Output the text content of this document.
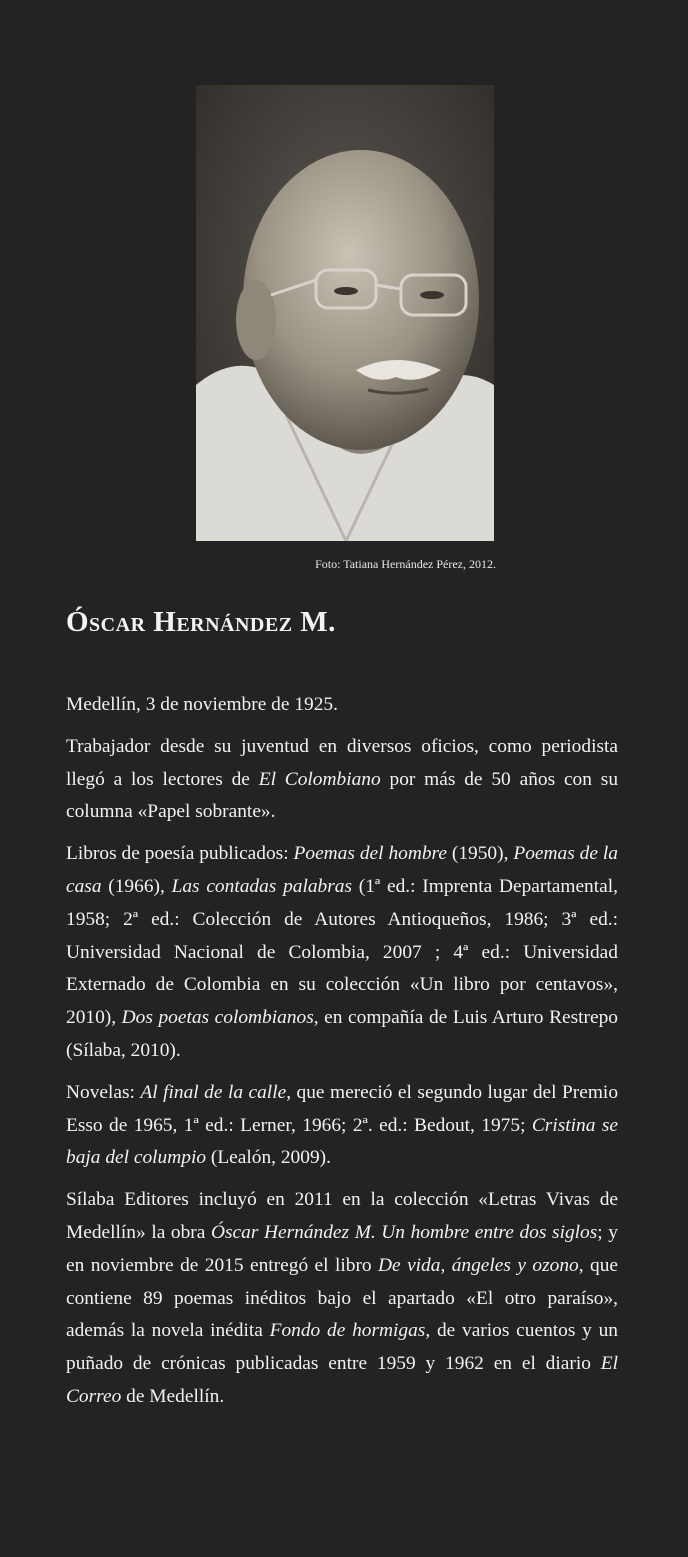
Foto: Tatiana Hernández Pérez, 2012.
Óscar Hernández M.

Medellín, 3 de noviembre de 1925.

Trabajador desde su juventud en diversos oficios, como periodista llegó a los lectores de El Colombiano por más de 50 años con su columna «Papel sobrante».

Libros de poesía publicados: Poemas del hombre (1950), Poemas de la casa (1966), Las contadas palabras (1ª ed.: Imprenta Departamental, 1958; 2ª ed.: Colección de Autores Antioqueños, 1986; 3ª ed.: Universidad Nacional de Colombia, 2007 ; 4ª ed.: Universidad Externado de Colombia en su colección «Un libro por centavos», 2010), Dos poetas colombianos, en compañía de Luis Arturo Restrepo (Sílaba, 2010).

Novelas: Al final de la calle, que mereció el segundo lugar del Premio Esso de 1965, 1ª ed.: Lerner, 1966; 2ª. ed.: Bedout, 1975; Cristina se baja del columpio (Lealón, 2009).

Sílaba Editores incluyó en 2011 en la colección «Letras Vivas de Medellín» la obra Óscar Hernández M. Un hombre entre dos siglos; y en noviembre de 2015 entregó el libro De vida, ángeles y ozono, que contiene 89 poemas inéditos bajo el apartado «El otro paraíso», además la novela inédita Fondo de hormigas, de varios cuentos y un puñado de crónicas publicadas entre 1959 y 1962 en el diario El Correo de Medellín.
